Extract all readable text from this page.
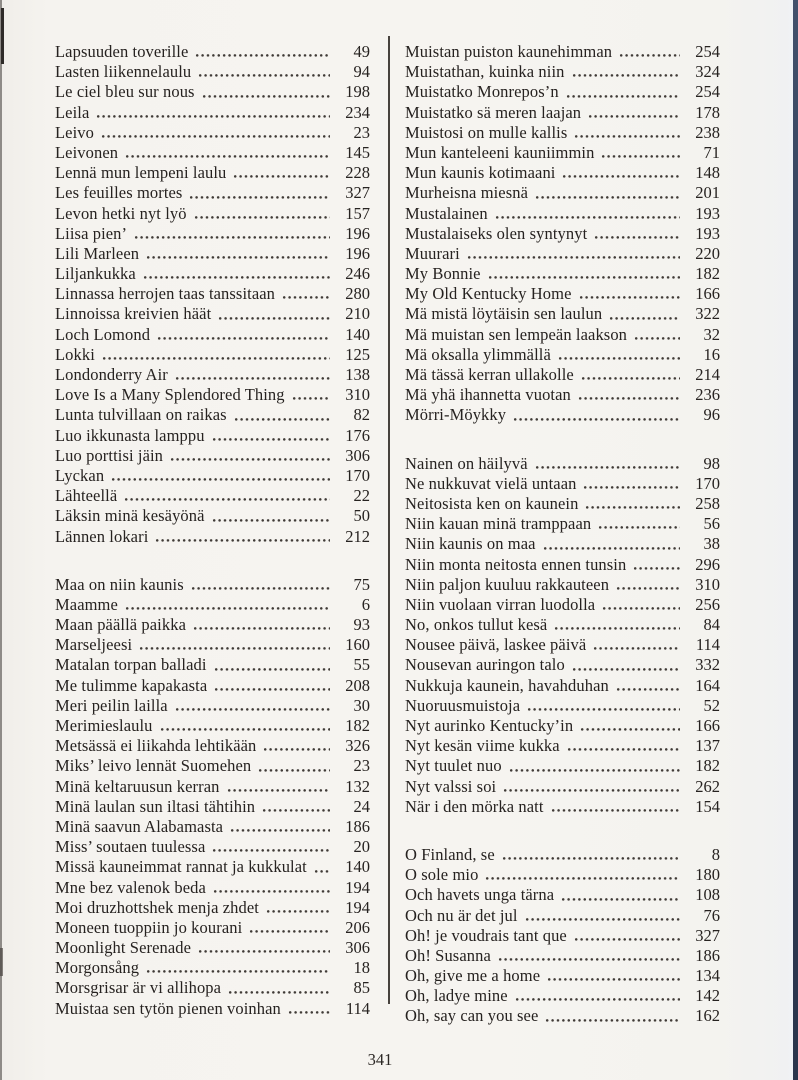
Lapsuuden toverille	49
Lasten liikennelaulu	94
Le ciel bleu sur nous	198
Leila	234
Leivo	23
Leivonen	145
Lennä mun lempeni laulu	228
Les feuilles mortes	327
Levon hetki nyt lyö	157
Liisa pien’	196
Lili Marleen	196
Liljankukka	246
Linnassa herrojen taas tanssitaan	280
Linnoissa kreivien häät	210
Loch Lomond	140
Lokki	125
Londonderry Air	138
Love Is a Many Splendored Thing	310
Lunta tulvillaan on raikas	82
Luo ikkunasta lamppu	176
Luo porttisi jäin	306
Lyckan	170
Lähteellä	22
Läksin minä kesäyönä	50
Lännen lokari	212
Maa on niin kaunis	75
Maamme	6
Maan päällä paikka	93
Marseljeesi	160
Matalan torpan balladi	55
Me tulimme kapakasta	208
Meri peilin lailla	30
Merimieslaulu	182
Metsässä ei liikahda lehtikään	326
Miks’ leivo lennät Suomehen	23
Minä keltaruusun kerran	132
Minä laulan sun iltasi tähtihin	24
Minä saavun Alabamasta	186
Miss’ soutaen tuulessa	20
Missä kauneimmat rannat ja kukkulat	140
Mne bez valenok beda	194
Moi druzhottshek menja zhdet	194
Moneen tuoppiin jo kourani	206
Moonlight Serenade	306
Morgonsång	18
Morsgrisar är vi allihopa	85
Muistaa sen tytön pienen voinhan	114
Muistan puiston kaunehimman	254
Muistathan, kuinka niin	324
Muistatko Monrepos’n	254
Muistatko sä meren laajan	178
Muistosi on mulle kallis	238
Mun kanteleeni kauniimmin	71
Mun kaunis kotimaani	148
Murheisna miesnä	201
Mustalainen	193
Mustalaiseks olen syntynyt	193
Muurari	220
My Bonnie	182
My Old Kentucky Home	166
Mä mistä löytäisin sen laulun	322
Mä muistan sen lempeän laakson	32
Mä oksalla ylimmällä	16
Mä tässä kerran ullakolle	214
Mä yhä ihannetta vuotan	236
Mörri-Möykky	96
Nainen on häilyvä	98
Ne nukkuvat vielä untaan	170
Neitosista ken on kaunein	258
Niin kauan minä tramppaan	56
Niin kaunis on maa	38
Niin monta neitosta ennen tunsin	296
Niin paljon kuuluu rakkauteen	310
Niin vuolaan virran luodolla	256
No, onkos tullut kesä	84
Nousee päivä, laskee päivä	114
Nousevan auringon talo	332
Nukkuja kaunein, havahduhan	164
Nuoruusmuistoja	52
Nyt aurinko Kentucky’in	166
Nyt kesän viime kukka	137
Nyt tuulet nuo	182
Nyt valssi soi	262
När i den mörka natt	154
O Finland, se	8
O sole mio	180
Och havets unga tärna	108
Och nu är det jul	76
Oh! je voudrais tant que	327
Oh! Susanna	186
Oh, give me a home	134
Oh, ladye mine	142
Oh, say can you see	162
341
